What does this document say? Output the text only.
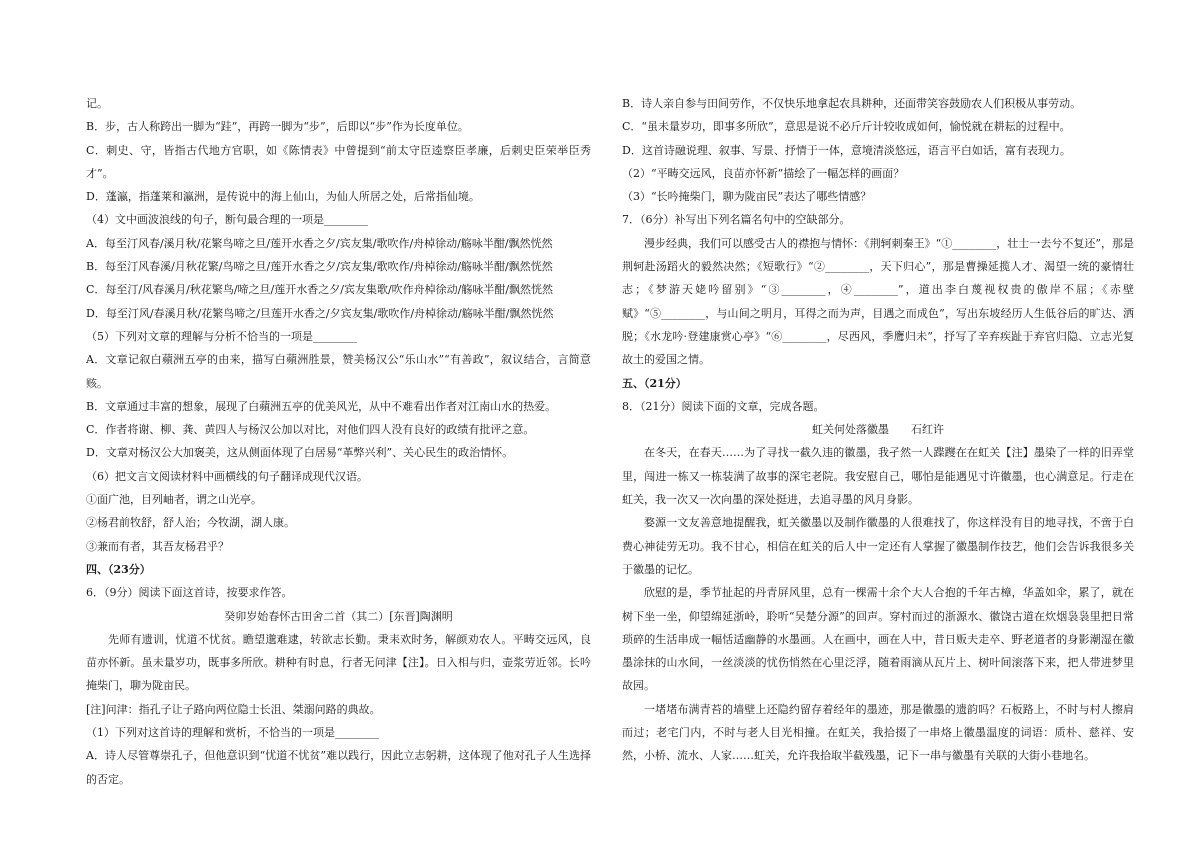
记。

B．步，古人称跨出一脚为“跬”，再跨一脚为“步”，后即以“步”作为长度单位。

C．刺史、守，皆指古代地方官职，如《陈情表》中曾提到“前太守臣逵察臣孝廉，后刺史臣荣举臣秀才”。

D．蓬瀛，指蓬莱和瀛洲，是传说中的海上仙山，为仙人所居之处，后常指仙境。

（4）文中画波浪线的句子，断句最合理的一项是________

A．每至汀风春/溪月秋/花繁鸟啼之旦/莲开水香之夕/宾友集/歌吹作/舟棹徐动/觞咏半酣/飘然恍然

B．每至汀风春溪/月秋花繁/鸟啼之旦/莲开水香之夕/宾友集/歌吹作/舟棹徐动/觞咏半酣/飘然恍然

C．每至汀/风春溪月/秋花繁鸟/啼之旦/莲开水香之夕/宾友集歌/吹作舟棹徐动/觞咏半酣/飘然恍然

D．每至汀风/春溪月秋/花繁鸟啼之/旦莲开水香之/夕宾友集/歌吹作/舟棹徐动/觞咏半酣/飘然恍然

（5）下列对文章的理解与分析不恰当的一项是________

A．文章记叙白蘋洲五亭的由来，描写白蘋洲胜景，赞美杨汉公“乐山水”“有善政”，叙议结合，言简意赅。

B．文章通过丰富的想象，展现了白蘋洲五亭的优美风光，从中不难看出作者对江南山水的热爱。

C．作者将谢、柳、龚、黄四人与杨汉公加以对比，对他们四人没有良好的政绩有批评之意。

D．文章对杨汉公大加褒美，这从侧面体现了白居易“革弊兴利”、关心民生的政治情怀。

（6）把文言文阅读材料中画横线的句子翻译成现代汉语。

①面广池，目列岫者，谓之山光亭。

②杨君前牧舒，舒人治；今牧湖，湖人康。

③兼而有者，其吾友杨君乎？

四、（23分）

6．（9分）阅读下面这首诗，按要求作答。

癸卯岁始春怀古田舍二首（其二）[东晋]陶渊明

先师有遗训，忧道不忧贫。瞻望邈难逮，转欲志长勤。秉耒欢时务，解颜劝农人。平畴交远风，良苗亦怀新。虽未量岁功，既事多所欣。耕种有时息，行者无问津【注】。日入相与归，壶浆劳近邻。长吟掩柴门，聊为陇亩民。

[注]问津：指孔子让子路向两位隐士长沮、桀溺问路的典故。

（1）下列对这首诗的理解和赏析，不恰当的一项是________

A．诗人尽管尊崇孔子，但他意识到“忧道不忧贫”难以践行，因此立志躬耕，这体现了他对孔子人生选择的否定。

B．诗人亲自参与田间劳作，不仅快乐地拿起农具耕种，还面带笑容鼓励农人们积极从事劳动。

C．“虽未量岁功，即事多所欣”，意思是说不必斤斤计较收成如何，愉悦就在耕耘的过程中。

D．这首诗融说理、叙事、写景、抒情于一体，意境清淡悠远，语言平白如话，富有表现力。

（2）“平畴交远风，良苗亦怀新”描绘了一幅怎样的画面？

（3）“长吟掩柴门，聊为陇亩民”表达了哪些情感？

7．（6分）补写出下列名篇名句中的空缺部分。

漫步经典，我们可以感受古人的襟抱与情怀：《荆轲刺秦王》“①________，壮士一去兮不复还”，那是荆轲赴汤蹈火的毅然决然；《短歌行》“②________，天下归心”，那是曹操延揽人才、渴望一统的豪情壮志；《梦游天姥吟留别》“③________，④________”，道出李白蔑视权贵的傲岸不屈；《赤壁赋》“⑤________，与山间之明月，耳得之而为声，目遇之而成色”，写出东坡经历人生低谷后的旷达、洒脱；《水龙吟·登建康赏心亭》“⑥________，尽西风，季鹰归未”，抒写了辛弃疾趾于弃官归隐、立志光复故土的爱国之情。

五、（21分）

8．（21分）阅读下面的文章，完成各题。

虹关何处落徽墨　　石红许

在冬天，在春天……为了寻找一截久违的徽墨，我孑然一人蹀躞在在虹关【注】墨染了一样的旧弄堂里，闯进一栋又一栋装满了故事的深宅老院。我安慰自己，哪怕是能遇见寸许徽墨，也心满意足。行走在虹关，我一次又一次向墨的深处挺进，去追寻墨的风月身影。

婺源一文友善意地提醒我，虹关徽墨以及制作徽墨的人很难找了，你这样没有目的地寻找，不啻于白费心神徒劳无功。我不甘心，相信在虹关的后人中一定还有人掌握了徽墨制作技艺，他们会告诉我很多关于徽墨的记忆。

欣慰的是，季节扯起的丹青屏风里，总有一棵需十余个大人合抱的千年古樟，华盖如伞，累了，就在树下坐一坐，仰望绵延浙岭，聆听“吴楚分源”的回声。穿村而过的浙源水、徽饶古道在炊烟袅袅里把日常琐碎的生活串成一幅恬适幽静的水墨画。人在画中，画在人中，昔日贩夫走卒、野老道者的身影潮湿在徽墨涂抹的山水间，一丝淡淡的忧伤悄然在心里泛浮，随着雨滴从瓦片上、树叶间滚落下来，把人带进梦里故园。

一堵堵布满青苔的墙壁上还隐约留存着经年的墨迹，那是徽墨的遗韵吗？石板路上，不时与村人擦肩而过；老宅门内，不时与老人目光相撞。在虹关，我拾掇了一串烙上徽墨温度的词语：质朴、慈祥、安然，小桥、流水、人家……虹关，允许我拾取半截残墨，记下一串与徽墨有关联的大街小巷地名。
